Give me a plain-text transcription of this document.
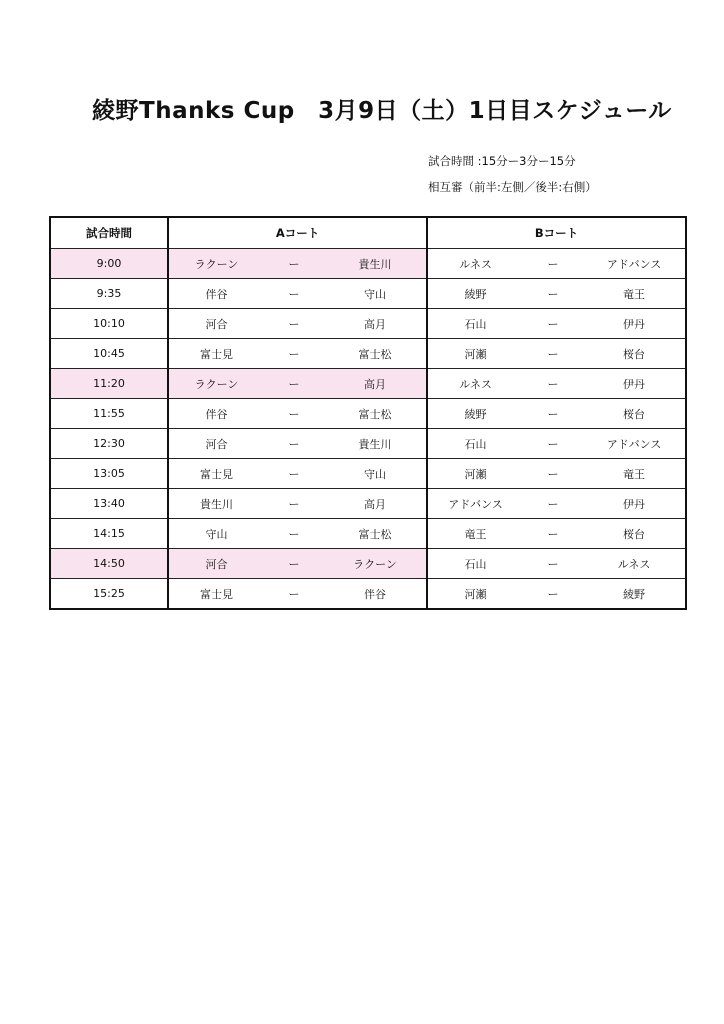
綾野Thanks Cup　3月9日（土）1日目スケジュール
試合時間 :15分ー3分ー15分
相互審（前半:左側／後半:右側）
試合時間	Aコート			Bコート		
9:00	ラクーン	ー	貴生川	ルネス	ー	アドバンス
9:35	伴谷	ー	守山	綾野	ー	竜王
10:10	河合	ー	高月	石山	ー	伊丹
10:45	富士見	ー	富士松	河瀬	ー	桜台
11:20	ラクーン	ー	高月	ルネス	ー	伊丹
11:55	伴谷	ー	富士松	綾野	ー	桜台
12:30	河合	ー	貴生川	石山	ー	アドバンス
13:05	富士見	ー	守山	河瀬	ー	竜王
13:40	貴生川	ー	高月	アドバンス	ー	伊丹
14:15	守山	ー	富士松	竜王	ー	桜台
14:50	河合	ー	ラクーン	石山	ー	ルネス
15:25	富士見	ー	伴谷	河瀬	ー	綾野
